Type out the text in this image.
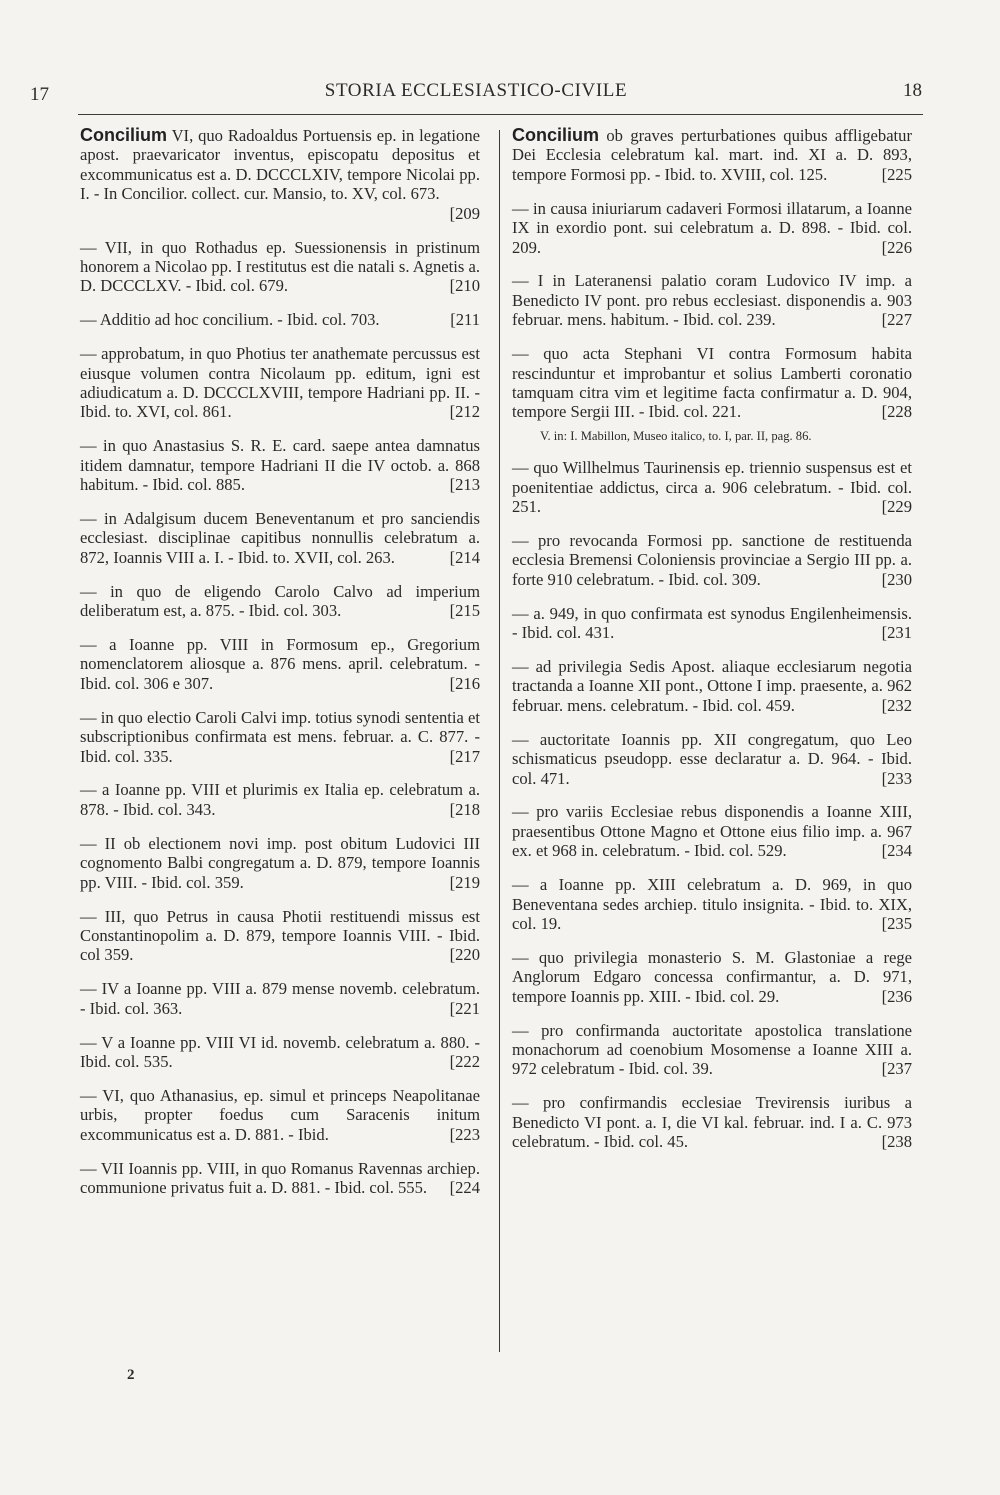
17	STORIA ECCLESIASTICO-CIVILE	18
Concilium VI, quo Radoaldus Portuensis ep. in legatione apost. praevaricator inventus, episcopatu depositus et excommunicatus est a. D. DCCCLXIV, tempore Nicolai pp. I. - In Concilior. collect. cur. Mansio, to. XV, col. 673.
[209
— VII, in quo Rothadus ep. Suessionensis in pristinum honorem a Nicolao pp. I restitutus est die natali s. Agnetis a. D. DCCCLXV. - Ibid. col. 679.	[210
— Additio ad hoc concilium. - Ibid. col. 703.	[211
— approbatum, in quo Photius ter anathemate percussus est eiusque volumen contra Nicolaum pp. editum, igni est adiudicatum a. D. DCCCLXVIII, tempore Hadriani pp. II. - Ibid. to. XVI, col. 861.	[212
— in quo Anastasius S. R. E. card. saepe antea damnatus itidem damnatur, tempore Hadriani II die IV octob. a. 868 habitum. - Ibid. col. 885.	[213
— in Adalgisum ducem Beneventanum et pro sanciendis ecclesiast. disciplinae capitibus nonnullis celebratum a. 872, Ioannis VIII a. I. - Ibid. to. XVII, col. 263.	[214
— in quo de eligendo Carolo Calvo ad imperium deliberatum est, a. 875. - Ibid. col. 303.	[215
— a Ioanne pp. VIII in Formosum ep., Gregorium nomenclatorem aliosque a. 876 mens. april. celebratum. - Ibid. col. 306 e 307.	[216
— in quo electio Caroli Calvi imp. totius synodi sententia et subscriptionibus confirmata est mens. februar. a. C. 877. - Ibid. col. 335.	[217
— a Ioanne pp. VIII et plurimis ex Italia ep. celebratum a. 878. - Ibid. col. 343.	[218
— II ob electionem novi imp. post obitum Ludovici III cognomento Balbi congregatum a. D. 879, tempore Ioannis pp. VIII. - Ibid. col. 359.	[219
— III, quo Petrus in causa Photii restituendi missus est Constantinopolim a. D. 879, tempore Ioannis VIII. - Ibid. col 359.	[220
— IV a Ioanne pp. VIII a. 879 mense novemb. celebratum. - Ibid. col. 363.	[221
— V a Ioanne pp. VIII VI id. novemb. celebratum a. 880. - Ibid. col. 535.	[222
— VI, quo Athanasius, ep. simul et princeps Neapolitanae urbis, propter foedus cum Saracenis initum excommunicatus est a. D. 881. - Ibid.	[223
— VII Ioannis pp. VIII, in quo Romanus Ravennas archiep. communione privatus fuit a. D. 881. - Ibid. col. 555.	[224
Concilium ob graves perturbationes quibus affligebatur Dei Ecclesia celebratum kal. mart. ind. XI a. D. 893, tempore Formosi pp. - Ibid. to. XVIII, col. 125.	[225
— in causa iniuriarum cadaveri Formosi illatarum, a Ioanne IX in exordio pont. sui celebratum a. D. 898. - Ibid. col. 209.	[226
— I in Lateranensi palatio coram Ludovico IV imp. a Benedicto IV pont. pro rebus ecclesiast. disponendis a. 903 februar. mens. habitum. - Ibid. col. 239.	[227
— quo acta Stephani VI contra Formosum habita rescinduntur et improbantur et solius Lamberti coronatio tamquam citra vim et legitime facta confirmatur a. D. 904, tempore Sergii III. - Ibid. col. 221.	[228
V. in: I. Mabillon, Museo italico, to. I, par. II, pag. 86.
— quo Willhelmus Taurinensis ep. triennio suspensus est et poenitentiae addictus, circa a. 906 celebratum. - Ibid. col. 251.	[229
— pro revocanda Formosi pp. sanctione de restituenda ecclesia Bremensi Coloniensis provinciae a Sergio III pp. a. forte 910 celebratum. - Ibid. col. 309.	[230
— a. 949, in quo confirmata est synodus Engilenheimensis. - Ibid. col. 431.	[231
— ad privilegia Sedis Apost. aliaque ecclesiarum negotia tractanda a Ioanne XII pont., Ottone I imp. praesente, a. 962 februar. mens. celebratum. - Ibid. col. 459.	[232
— auctoritate Ioannis pp. XII congregatum, quo Leo schismaticus pseudopp. esse declaratur a. D. 964. - Ibid. col. 471.	[233
— pro variis Ecclesiae rebus disponendis a Ioanne XIII, praesentibus Ottone Magno et Ottone eius filio imp. a. 967 ex. et 968 in. celebratum. - Ibid. col. 529.	[234
— a Ioanne pp. XIII celebratum a. D. 969, in quo Beneventana sedes archiep. titulo insignita. - Ibid. to. XIX, col. 19.	[235
— quo privilegia monasterio S. M. Glastoniae a rege Anglorum Edgaro concessa confirmantur, a. D. 971, tempore Ioannis pp. XIII. - Ibid. col. 29.	[236
— pro confirmanda auctoritate apostolica translatione monachorum ad coenobium Mosomense a Ioanne XIII a. 972 celebratum - Ibid. col. 39.	[237
— pro confirmandis ecclesiae Trevirensis iuribus a Benedicto VI pont. a. I, die VI kal. februar. ind. I a. C. 973 celebratum. - Ibid. col. 45.	[238
2
